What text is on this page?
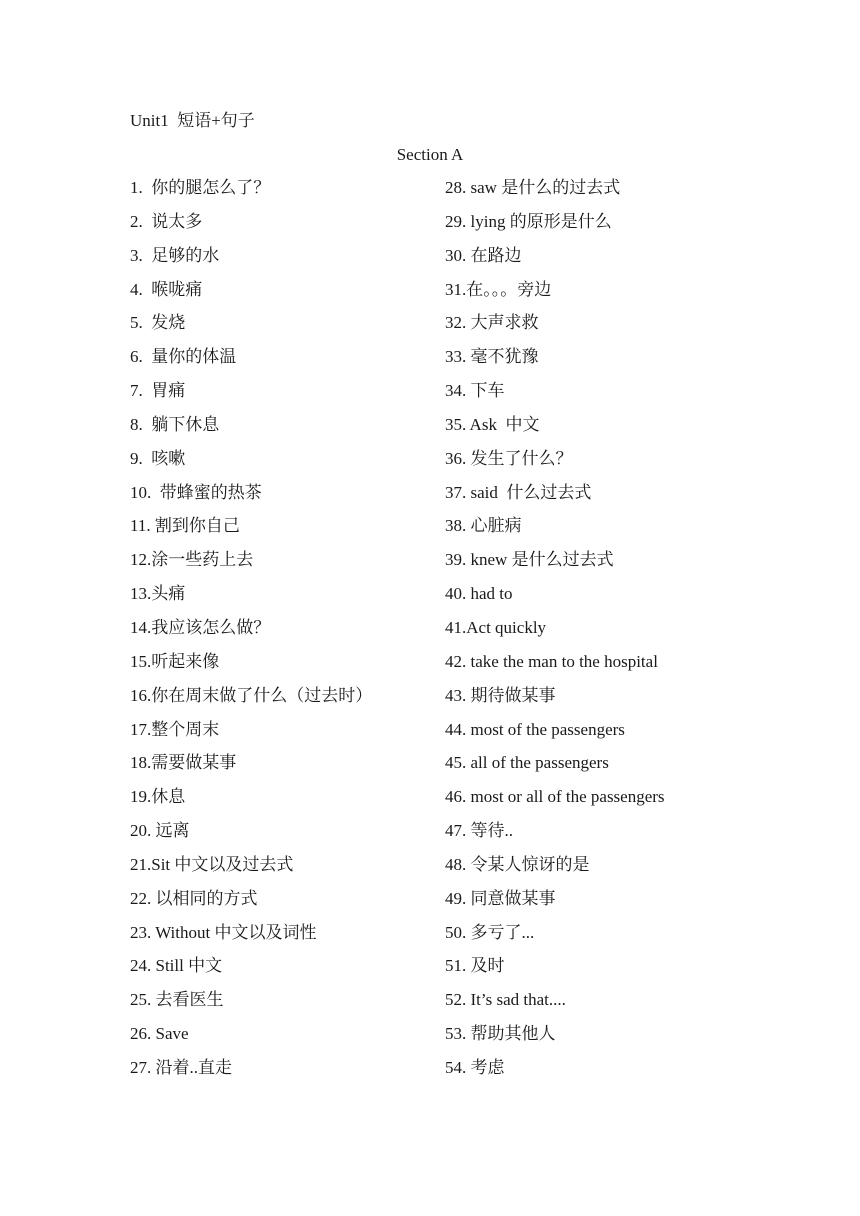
Unit1  短语+句子
Section A
1.  你的腿怎么了？
2.  说太多
3.  足够的水
4.  喉咙痛
5.  发烧
6.  量你的体温
7.  胃痛
8.  躺下休息
9.  咳嗽
10.  带蜂蜜的热茶
11. 割到你自己
12.涂一些药上去
13.头痛
14.我应该怎么做？
15.听起来像
16.你在周末做了什么（过去时）
17.整个周末
18.需要做某事
19.休息
20. 远离
21.Sit 中文以及过去式
22. 以相同的方式
23. Without 中文以及词性
24. Still 中文
25. 去看医生
26. Save
27. 沿着..直走
28. saw 是什么的过去式
29. lying 的原形是什么
30. 在路边
31.在。。。旁边
32. 大声求救
33. 毫不犹豫
34. 下车
35. Ask  中文
36. 发生了什么？
37. said  什么过去式
38. 心脏病
39. knew 是什么过去式
40. had to
41.Act quickly
42. take the man to the hospital
43. 期待做某事
44. most of the passengers
45. all of the passengers
46. most or all of the passengers
47. 等待..
48. 令某人惊讶的是
49. 同意做某事
50. 多亏了...
51. 及时
52. It’s sad that....
53. 帮助其他人
54. 考虑
